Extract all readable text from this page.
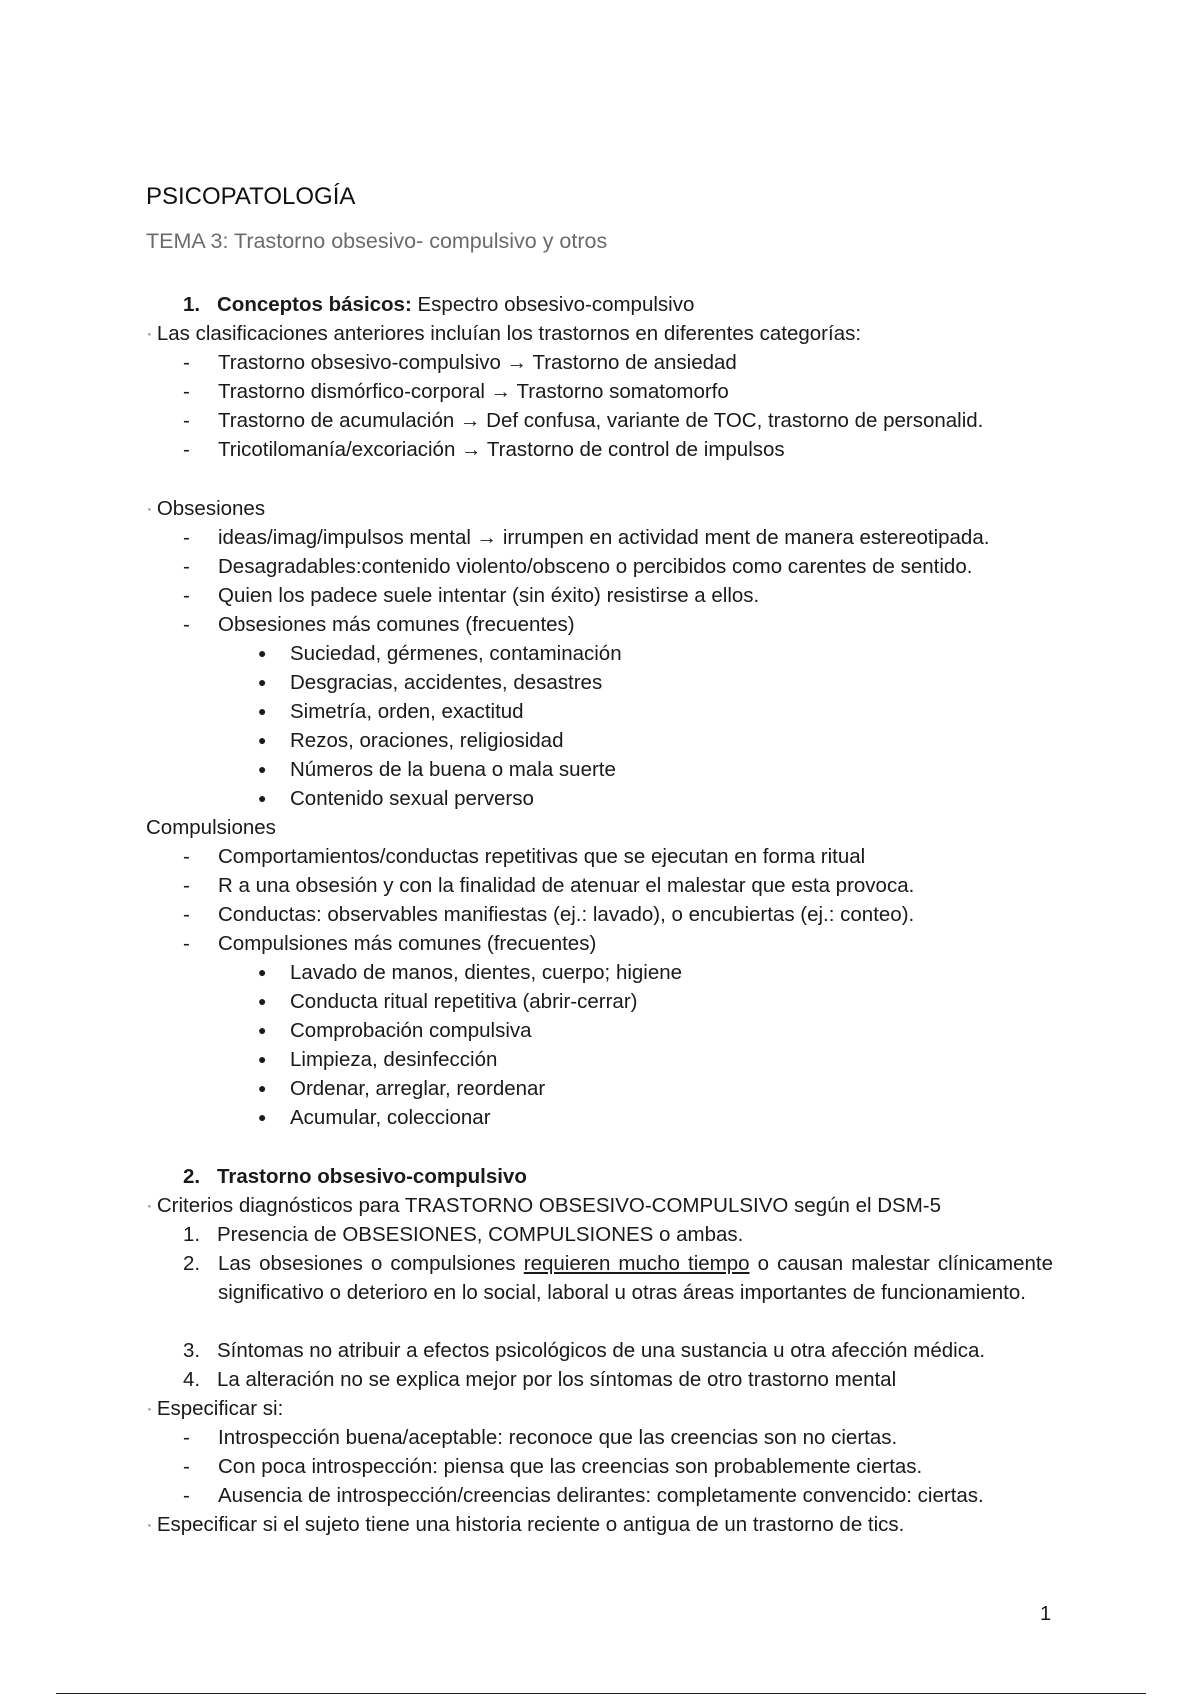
PSICOPATOLOGÍA
TEMA 3: Trastorno obsesivo- compulsivo y otros
1. Conceptos básicos: Espectro obsesivo-compulsivo
· Las clasificaciones anteriores incluían los trastornos en diferentes categorías:
- Trastorno obsesivo-compulsivo → Trastorno de ansiedad
- Trastorno dismórfico-corporal → Trastorno somatomorfo
- Trastorno de acumulación → Def confusa, variante de TOC, trastorno de personalid.
- Tricotilomanía/excoriación → Trastorno de control de impulsos
· Obsesiones
- ideas/imag/impulsos mental → irrumpen en actividad ment de manera estereotipada.
- Desagradables:contenido violento/obsceno o percibidos como carentes de sentido.
- Quien los padece suele intentar (sin éxito) resistirse a ellos.
- Obsesiones más comunes (frecuentes)
● Suciedad, gérmenes, contaminación
● Desgracias, accidentes, desastres
● Simetría, orden, exactitud
● Rezos, oraciones, religiosidad
● Números de la buena o mala suerte
● Contenido sexual perverso
Compulsiones
- Comportamientos/conductas repetitivas que se ejecutan en forma ritual
- R a una obsesión y con la finalidad de atenuar el malestar que esta provoca.
- Conductas: observables manifiestas (ej.: lavado), o encubiertas (ej.: conteo).
- Compulsiones más comunes (frecuentes)
● Lavado de manos, dientes, cuerpo; higiene
● Conducta ritual repetitiva (abrir-cerrar)
● Comprobación compulsiva
● Limpieza, desinfección
● Ordenar, arreglar, reordenar
● Acumular, coleccionar
2. Trastorno obsesivo-compulsivo
· Criterios diagnósticos para TRASTORNO OBSESIVO-COMPULSIVO según el DSM-5
1. Presencia de OBSESIONES, COMPULSIONES o ambas.
2. Las obsesiones o compulsiones requieren mucho tiempo o causan malestar clínicamente significativo o deterioro en lo social, laboral u otras áreas importantes de funcionamiento.
3. Síntomas no atribuir a efectos psicológicos de una sustancia u otra afección médica.
4. La alteración no se explica mejor por los síntomas de otro trastorno mental
· Especificar si:
- Introspección buena/aceptable: reconoce que las creencias son no ciertas.
- Con poca introspección: piensa que las creencias son probablemente ciertas.
- Ausencia de introspección/creencias delirantes: completamente convencido: ciertas.
· Especificar si el sujeto tiene una historia reciente o antigua de un trastorno de tics.
1
